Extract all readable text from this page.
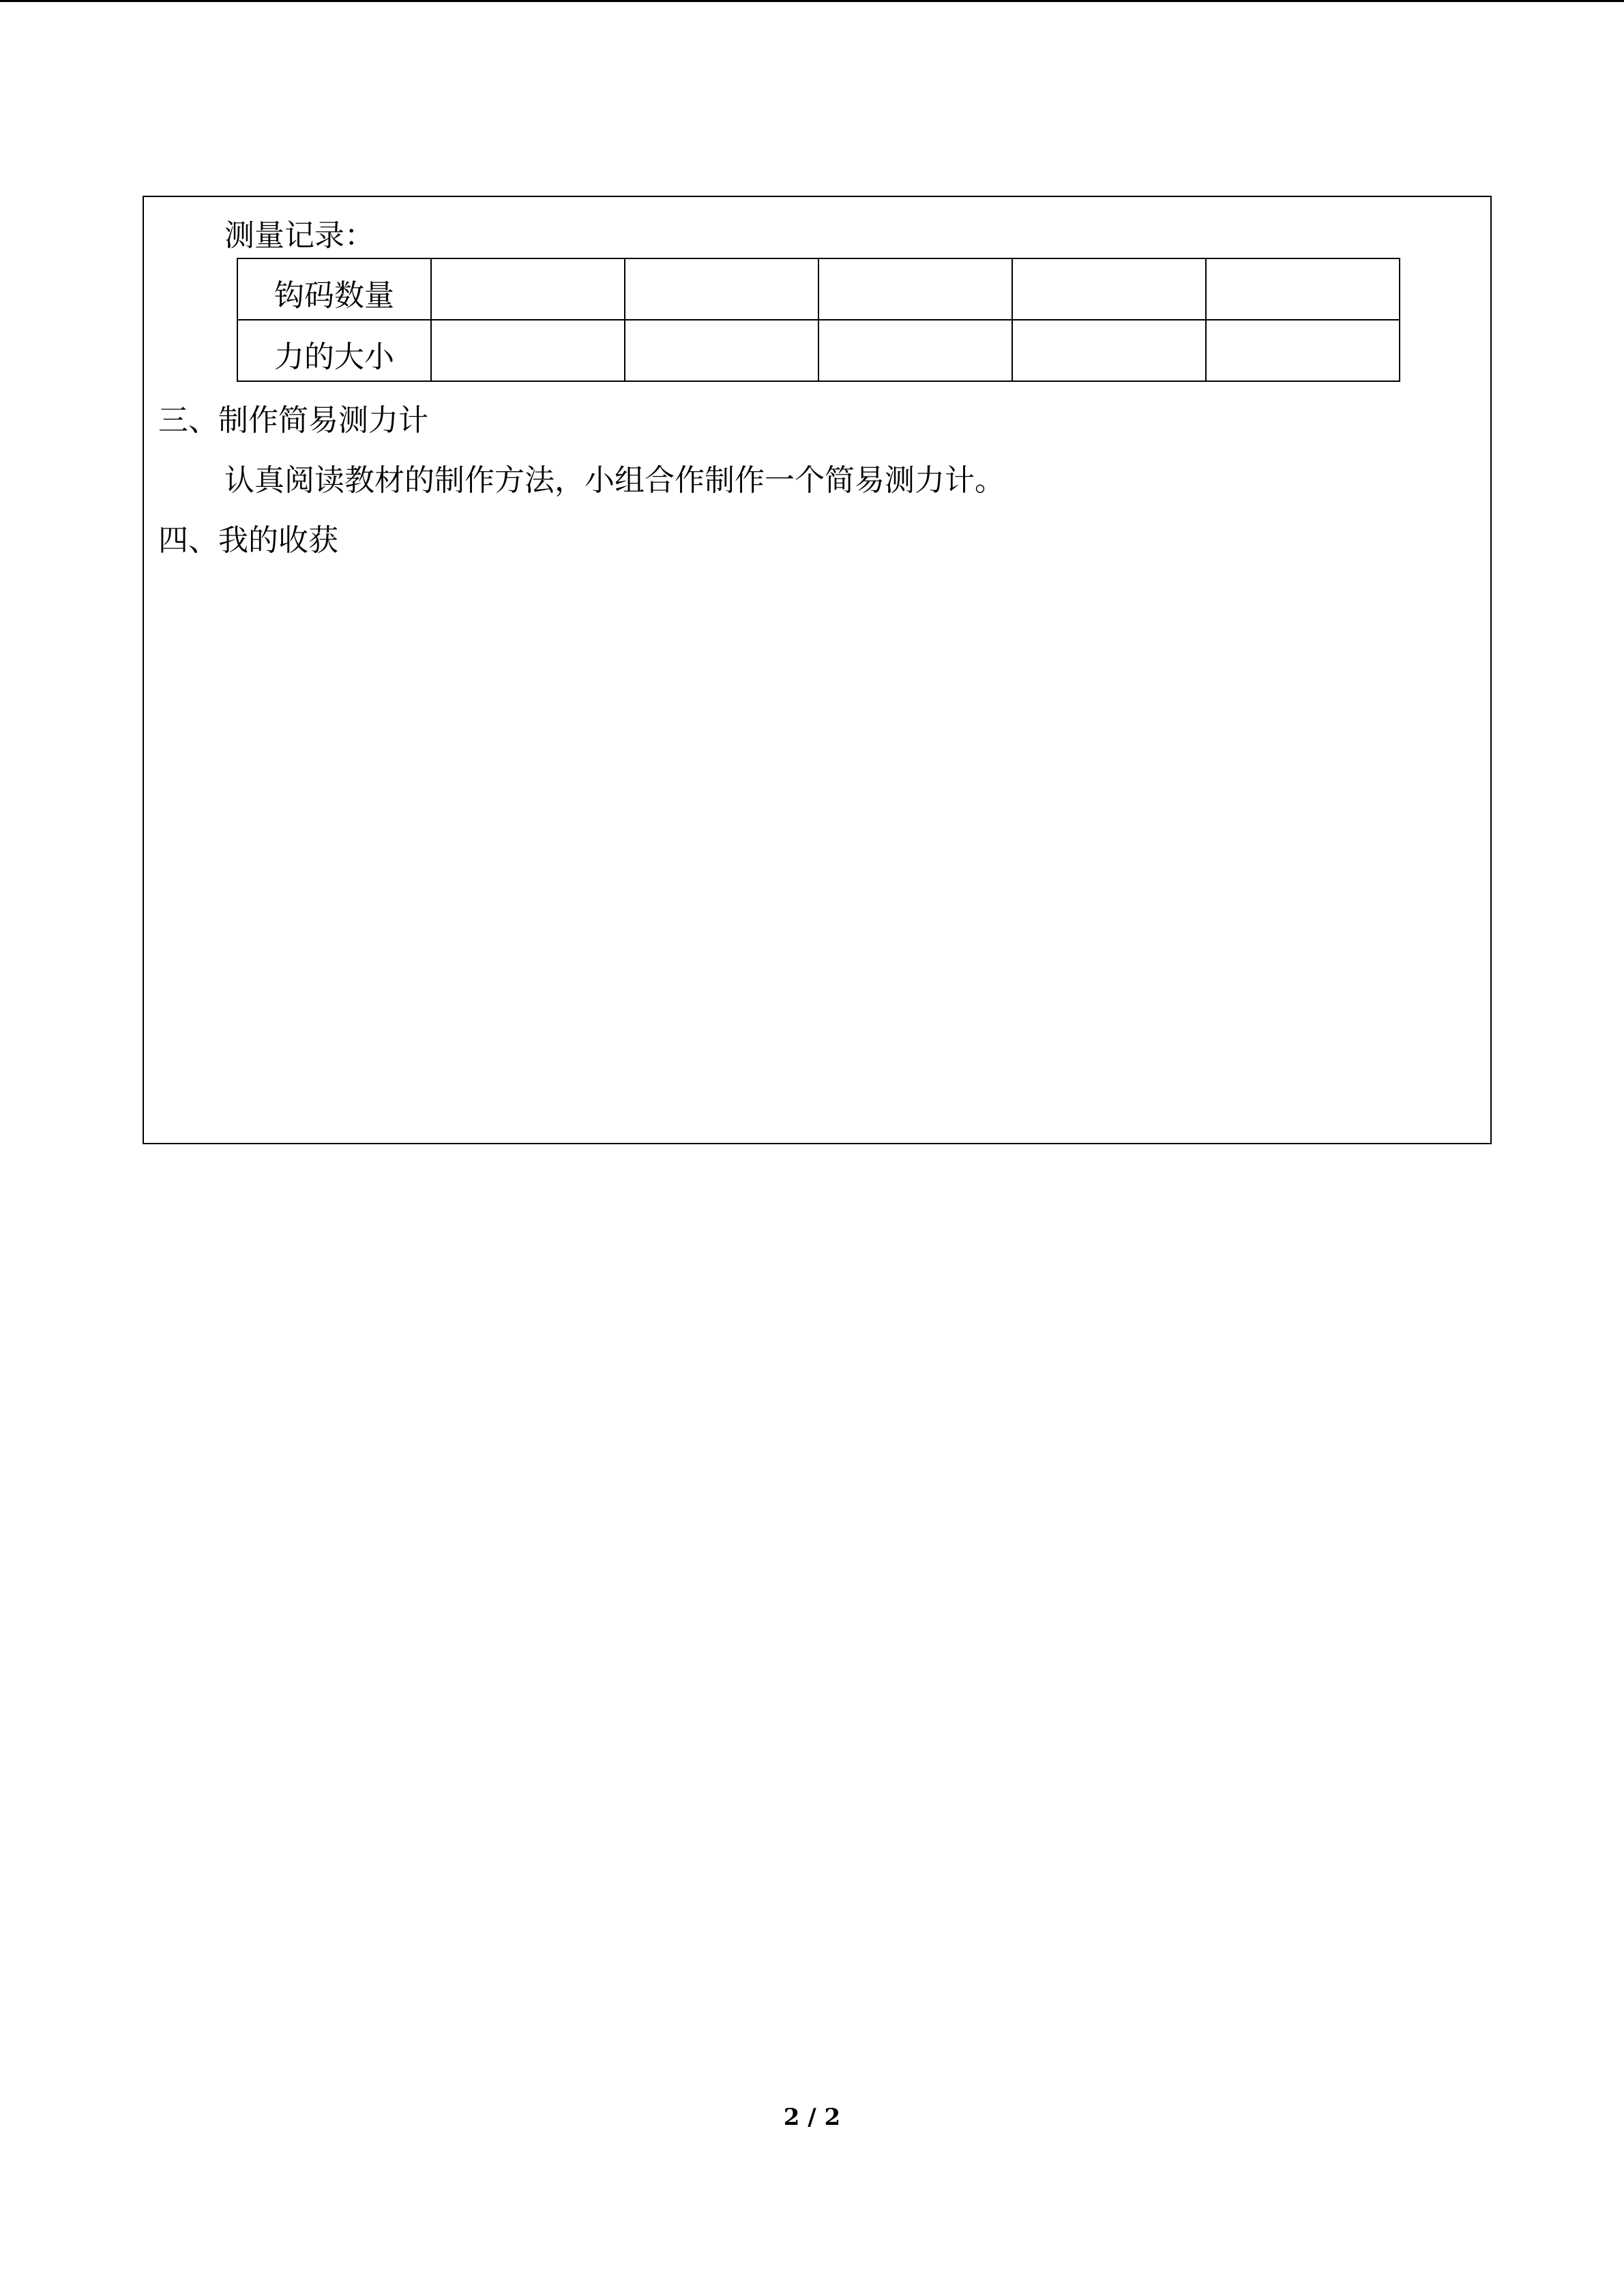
测量记录：
钩码数量					
力的大小					
三、制作简易测力计
认真阅读教材的制作方法，小组合作制作一个简易测力计。
四、我的收获
2 / 2
